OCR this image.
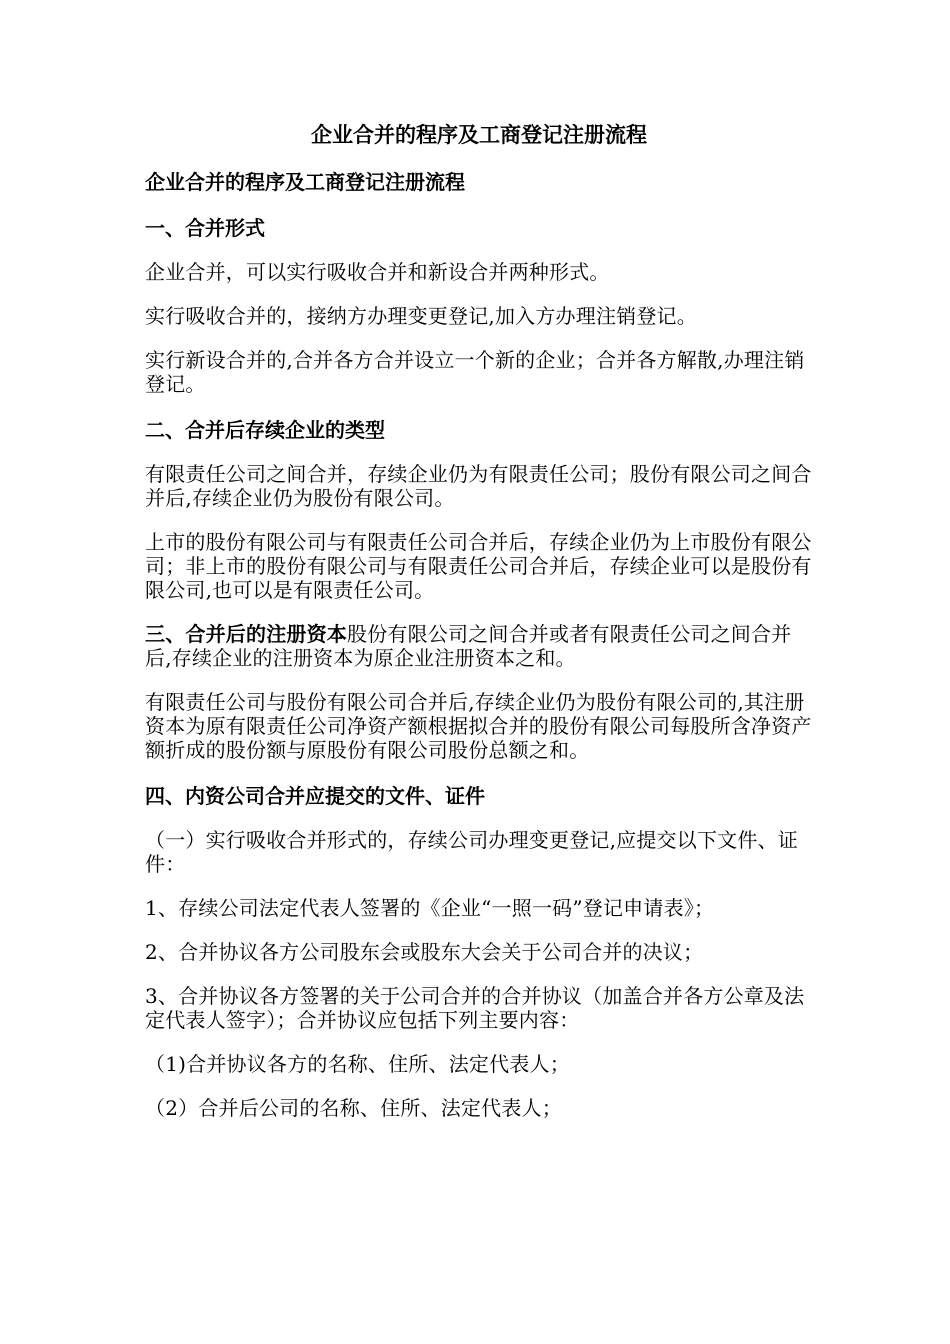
企业合并的程序及工商登记注册流程
企业合并的程序及工商登记注册流程
一、合并形式
企业合并，可以实行吸收合并和新设合并两种形式。
实行吸收合并的，接纳方办理变更登记,加入方办理注销登记。
实行新设合并的,合并各方合并设立一个新的企业；合并各方解散,办理注销登记。
二、合并后存续企业的类型
有限责任公司之间合并，存续企业仍为有限责任公司；股份有限公司之间合并后,存续企业仍为股份有限公司。
上市的股份有限公司与有限责任公司合并后，存续企业仍为上市股份有限公司；非上市的股份有限公司与有限责任公司合并后，存续企业可以是股份有限公司,也可以是有限责任公司。
三、合并后的注册资本股份有限公司之间合并或者有限责任公司之间合并后,存续企业的注册资本为原企业注册资本之和。
有限责任公司与股份有限公司合并后,存续企业仍为股份有限公司的,其注册资本为原有限责任公司净资产额根据拟合并的股份有限公司每股所含净资产额折成的股份额与原股份有限公司股份总额之和。
四、内资公司合并应提交的文件、证件
（一）实行吸收合并形式的，存续公司办理变更登记,应提交以下文件、证件：
1、存续公司法定代表人签署的《企业“一照一码”登记申请表》；
2、合并协议各方公司股东会或股东大会关于公司合并的决议；
3、合并协议各方签署的关于公司合并的合并协议（加盖合并各方公章及法定代表人签字）；合并协议应包括下列主要内容：
（1)合并协议各方的名称、住所、法定代表人；
（2）合并后公司的名称、住所、法定代表人；
